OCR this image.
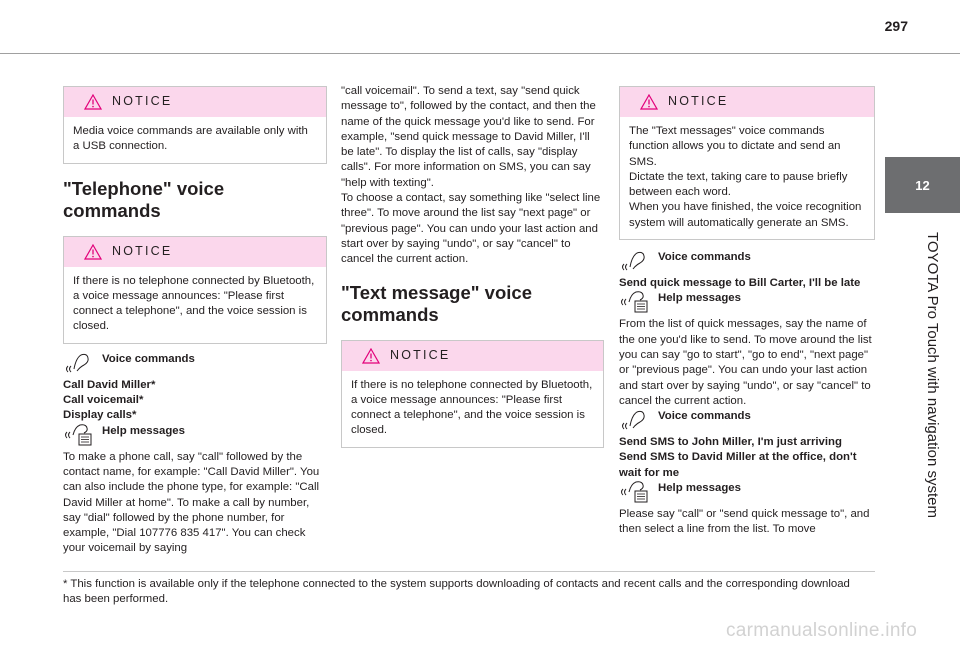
297
12
TOYOTA Pro Touch with navigation system
NOTICE
Media voice commands are available only with a USB connection.
"Telephone" voice
commands
NOTICE
If there is no telephone connected by Bluetooth, a voice message announces: "Please first connect a telephone", and the voice session is closed.
Voice commands
Call David Miller*
Call voicemail*
Display calls*
Help messages

To make a phone call, say "call" followed by the contact name, for example: "Call David Miller". You can also include the phone type, for example: "Call David Miller at home". To make a call by number, say "dial" followed by the phone number, for example, "Dial 107776 835 417". You can check your voicemail by saying

"call voicemail". To send a text, say "send quick message to", followed by the contact, and then the name of the quick message you'd like to send. For example, "send quick message to David Miller, I'll be late". To display the list of calls, say "display calls". For more information on SMS, you can say "help with texting".

To choose a contact, say something like "select line three". To move around the list say "next page" or "previous page". You can undo your last action and start over by saying "undo", or say "cancel" to cancel the current action.

"Text message" voice
commands
NOTICE
If there is no telephone connected by Bluetooth, a voice message announces: "Please first connect a telephone", and the voice session is closed.
NOTICE
The "Text messages" voice commands function allows you to dictate and send an SMS.
Dictate the text, taking care to pause briefly between each word.
When you have finished, the voice recognition system will automatically generate an SMS.
Voice commands
Send quick message to Bill Carter, I'll be late
Help messages

From the list of quick messages, say the name of the one you'd like to send. To move around the list you can say "go to start", "go to end", "next page" or "previous page". You can undo your last action and start over by saying "undo", or say "cancel" to cancel the current action.

Voice commands
Send SMS to John Miller, I'm just arriving
Send SMS to David Miller at the office, don't wait for me
Help messages

Please say "call" or "send quick message to", and then select a line from the list. To move

* This function is available only if the telephone connected to the system supports downloading of contacts and recent calls and the corresponding download has been performed.
carmanualsonline.info
